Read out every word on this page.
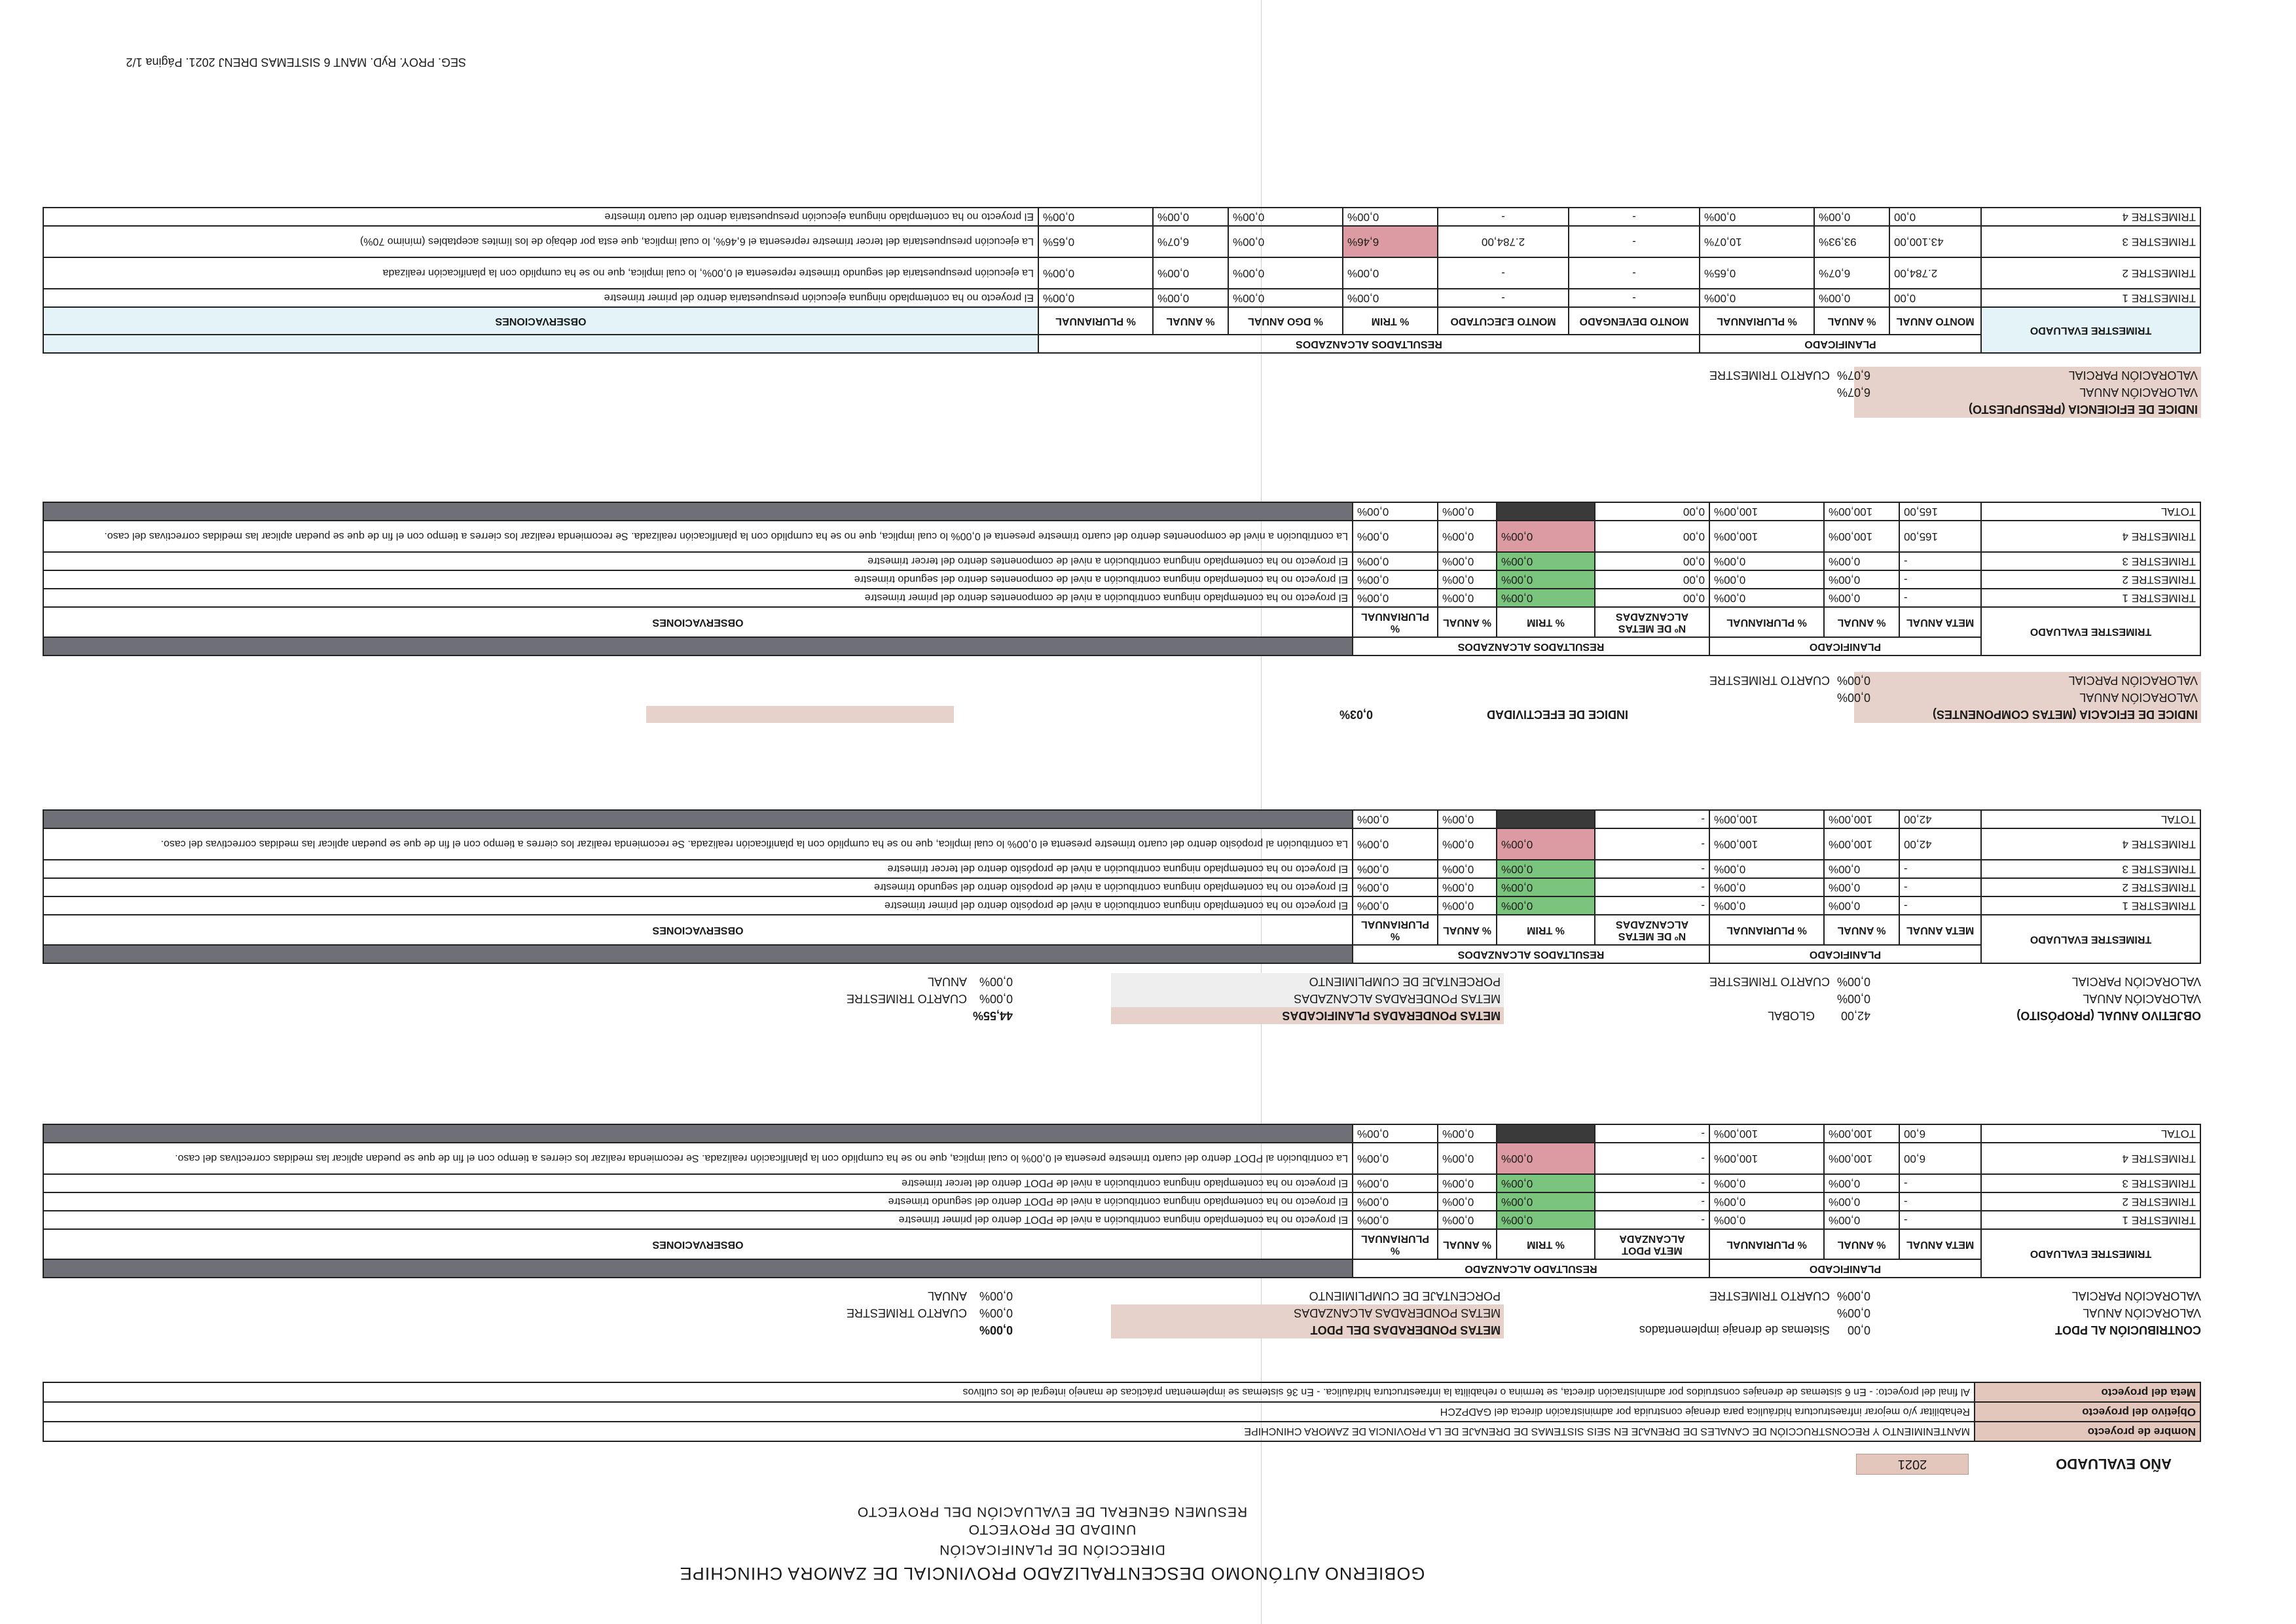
GOBIERNO AUTÓNOMO DESCENTRALIZADO PROVINCIAL DE ZAMORA CHINCHIPE
DIRECCIÓN DE PLANIFICACIÓN
UNIDAD DE PROYECTO
RESUMEN GENERAL DE EVALUACIÓN DEL PROYECTO
AÑO EVALUADO
2021
Nombre de proyecto	MANTENIMIENTO Y RECONSTRUCCIÓN DE CANALES DE DRENAJE EN SEIS SISTEMAS DE DRENAJE DE LA PROVINCIA DE ZAMORA CHINCHIPE
Objetivo del proyecto	Rehabilitar y/o mejorar infraestructura hidráulica para drenaje construida por administración directa del GADPZCH
Meta del proyecto	Al final del proyecto: - En 6 sistemas de drenajes construidos por administración directa, se termina o rehabilita la infraestructura hidráulica. - En 36 sistemas se implementan prácticas de manejo integral de los cultivos
CONTRIBUCIÓN AL PDOT
0,00
Sistemas de drenaje implementados
VALORACIÓN ANUAL
0,00%
VALORACIÓN PARCIAL
0,00%
CUARTO TRIMESTRE
METAS PONDERADAS DEL PDOT
0,00%
METAS PONDERADAS ALCANZADAS
0,00%
CUARTO TRIMESTRE
PORCENTAJE DE CUMPLIMIENTO
0,00%
ANUAL
TRIMESTRE EVALUADO	PLANIFICADO			RESULTADO ALCANZADO				
	META ANUAL	% ANUAL	% PLURIANUAL	META PDOT ALCANZADA	% TRIM	% ANUAL	% PLURIANUAL	OBSERVACIONES
TRIMESTRE 1	-	0,00%	0,00%	-	0,00%	0,00%	0,00%	El proyecto no ha contemplado ninguna contribución a nivel de PDOT dentro del primer trimestre
TRIMESTRE 2	-	0,00%	0,00%	-	0,00%	0,00%	0,00%	El proyecto no ha contemplado ninguna contribución a nivel de PDOT dentro del segundo trimestre
TRIMESTRE 3	-	0,00%	0,00%	-	0,00%	0,00%	0,00%	El proyecto no ha contemplado ninguna contribución a nivel de PDOT dentro del tercer trimestre
TRIMESTRE 4	6,00	100,00%	100,00%	-	0,00%	0,00%	0,00%	La contribución al PDOT dentro del cuarto trimestre presenta el 0,00% lo cual implica, que no se ha cumplido con la planificación realizada. Se recomienda realizar los cierres a tiempo con el fin de que se puedan aplicar las medidas correctivas del caso.
TOTAL	6,00	100,00%	100,00%	-		0,00%	0,00%	
OBJETIVO ANUAL (PROPÓSITO)
42,00
GLOBAL
VALORACIÓN ANUAL
0,00%
VALORACIÓN PARCIAL
0,00%
CUARTO TRIMESTRE
METAS PONDERADAS PLANIFICADAS
44,55%
METAS PONDERADAS ALCANZADAS
0,00%
CUARTO TRIMESTRE
PORCENTAJE DE CUMPLIMIENTO
0,00%
ANUAL
TRIMESTRE EVALUADO	PLANIFICADO			RESULTADOS ALCANZADOS				
	META ANUAL	% ANUAL	% PLURIANUAL	Nº DE METAS ALCANZADAS	% TRIM	% ANUAL	% PLURIANUAL	OBSERVACIONES
TRIMESTRE 1	-	0,00%	0,00%	-	0,00%	0,00%	0,00%	El proyecto no ha contemplado ninguna contribución a nivel de propósito dentro del primer trimestre
TRIMESTRE 2	-	0,00%	0,00%	-	0,00%	0,00%	0,00%	El proyecto no ha contemplado ninguna contribución a nivel de propósito dentro del segundo trimestre
TRIMESTRE 3	-	0,00%	0,00%	-	0,00%	0,00%	0,00%	El proyecto no ha contemplado ninguna contribución a nivel de propósito dentro del tercer trimestre
TRIMESTRE 4	42,00	100,00%	100,00%	-	0,00%	0,00%	0,00%	La contribución al propósito dentro del cuarto trimestre presenta el 0,00% lo cual implica, que no se ha cumplido con la planificación realizada. Se recomienda realizar los cierres a tiempo con el fin de que se puedan aplicar las medidas correctivas del caso.
TOTAL	42,00	100,00%	100,00%	-		0,00%	0,00%	
INDICE DE EFICACIA (METAS COMPONENTES)
VALORACIÓN ANUAL
0,00%
VALORACIÓN PARCIAL
0,00%
CUARTO TRIMESTRE
INDICE DE EFECTIVIDAD
0,03%
TRIMESTRE EVALUADO	PLANIFICADO			RESULTADOS ALCANZADOS				
	META ANUAL	% ANUAL	% PLURIANUAL	Nº DE METAS ALCANZADAS	% TRIM	% ANUAL	% PLURIANUAL	OBSERVACIONES
TRIMESTRE 1	-	0,00%	0,00%	0,00	0,00%	0,00%	0,00%	El proyecto no ha contemplado ninguna contribución a nivel de componentes dentro del primer trimestre
TRIMESTRE 2	-	0,00%	0,00%	0,00	0,00%	0,00%	0,00%	El proyecto no ha contemplado ninguna contribución a nivel de componentes dentro del segundo trimestre
TRIMESTRE 3	-	0,00%	0,00%	0,00	0,00%	0,00%	0,00%	El proyecto no ha contemplado ninguna contribución a nivel de componentes dentro del tercer trimestre
TRIMESTRE 4	165,00	100,00%	100,00%	0,00	0,00%	0,00%	0,00%	La contribución a nivel de componentes dentro del cuarto trimestre presenta el 0,00% lo cual implica, que no se ha cumplido con la planificación realizada. Se recomienda realizar los cierres a tiempo con el fin de que se puedan aplicar las medidas correctivas del caso.
TOTAL	165,00	100,00%	100,00%	0,00		0,00%	0,00%	
INDICE DE EFICIENCIA (PRESUPUESTO)
VALORACIÓN ANUAL
6,07%
VALORACIÓN PARCIAL
6,07%
CUARTO TRIMESTRE
TRIMESTRE EVALUADO	PLANIFICADO			RESULTADOS ALCANZADOS						
	MONTO ANUAL	% ANUAL	% PLURIANUAL	MONTO DEVENGADO	MONTO EJECUTADO	% TRIM	% DGO ANUAL	% ANUAL	% PLURIANUAL	OBSERVACIONES
TRIMESTRE 1	0,00	0,00%	0,00%	-	-	0,00%	0,00%	0,00%	0,00%	El proyecto no ha contemplado ninguna ejecución presupuestaria dentro del primer trimestre
TRIMESTRE 2	2.784,00	6,07%	0,65%	-	-	0,00%	0,00%	0,00%	0,00%	La ejecución presupuestaria del segundo trimestre representa el 0,00%, lo cual implica, que no se ha cumplido con la planificación realizada
TRIMESTRE 3	43.100,00	93,93%	10,07%	-	2.784,00	6,46%	0,00%	6,07%	0,65%	La ejecución presupuestaria del tercer trimestre representa el 6,46%, lo cual implica, que esta por debajo de los límites aceptables (mínimo 70%)
TRIMESTRE 4	0,00	0,00%	0,00%	-	-	0,00%	0,00%	0,00%	0,00%	El proyecto no ha contemplado ninguna ejecución presupuestaria dentro del cuarto trimestre
SEG. PROY. RyD. MANT 6 SISTEMAS DRENJ 2021. Página 1/2
